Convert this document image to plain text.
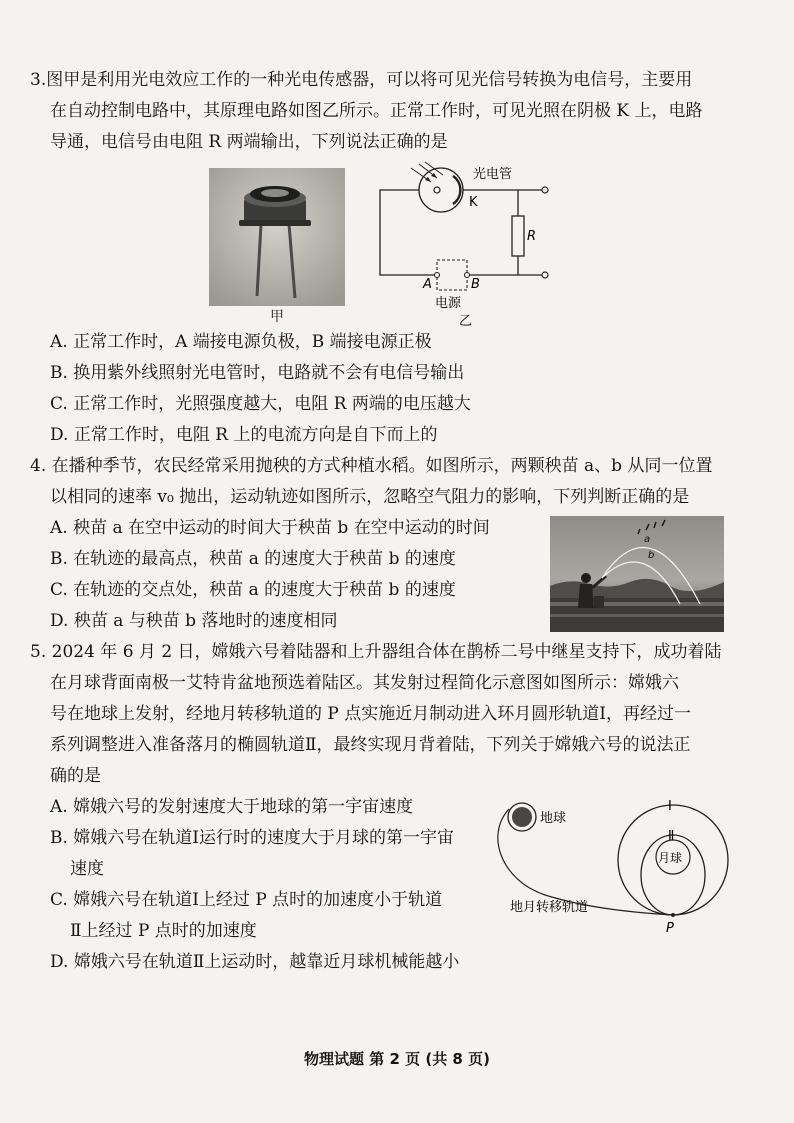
3.图甲是利用光电效应工作的一种光电传感器，可以将可见光信号转换为电信号，主要用
在自动控制电路中，其原理电路如图乙所示。正常工作时，可见光照在阴极 K 上，电路
导通，电信号由电阻 R 两端输出，下列说法正确的是
甲
光电管
K
R
A	B
电源
乙
A. 正常工作时，A 端接电源负极，B 端接电源正极
B. 换用紫外线照射光电管时，电路就不会有电信号输出
C. 正常工作时，光照强度越大，电阻 R 两端的电压越大
D. 正常工作时，电阻 R 上的电流方向是自下而上的
4. 在播种季节，农民经常采用抛秧的方式种植水稻。如图所示，两颗秧苗 a、b 从同一位置
以相同的速率 v₀ 抛出，运动轨迹如图所示，忽略空气阻力的影响，下列判断正确的是
A. 秧苗 a 在空中运动的时间大于秧苗 b 在空中运动的时间
B. 在轨迹的最高点，秧苗 a 的速度大于秧苗 b 的速度
C. 在轨迹的交点处，秧苗 a 的速度大于秧苗 b 的速度
D. 秧苗 a 与秧苗 b 落地时的速度相同
a
b
5. 2024 年 6 月 2 日，嫦娥六号着陆器和上升器组合体在鹊桥二号中继星支持下，成功着陆
在月球背面南极一艾特肯盆地预选着陆区。其发射过程简化示意图如图所示：嫦娥六
号在地球上发射，经地月转移轨道的 P 点实施近月制动进入环月圆形轨道Ⅰ，再经过一
系列调整进入准备落月的椭圆轨道Ⅱ，最终实现月背着陆，下列关于嫦娥六号的说法正
确的是
A. 嫦娥六号的发射速度大于地球的第一宇宙速度
B. 嫦娥六号在轨道Ⅰ运行时的速度大于月球的第一宇宙
速度
C. 嫦娥六号在轨道Ⅰ上经过 P 点时的加速度小于轨道
Ⅱ上经过 P 点时的加速度
D. 嫦娥六号在轨道Ⅱ上运动时，越靠近月球机械能越小
地球
月球
P
Ⅰ
Ⅱ
地月转移轨道
物理试题 第 2 页 (共 8 页)
